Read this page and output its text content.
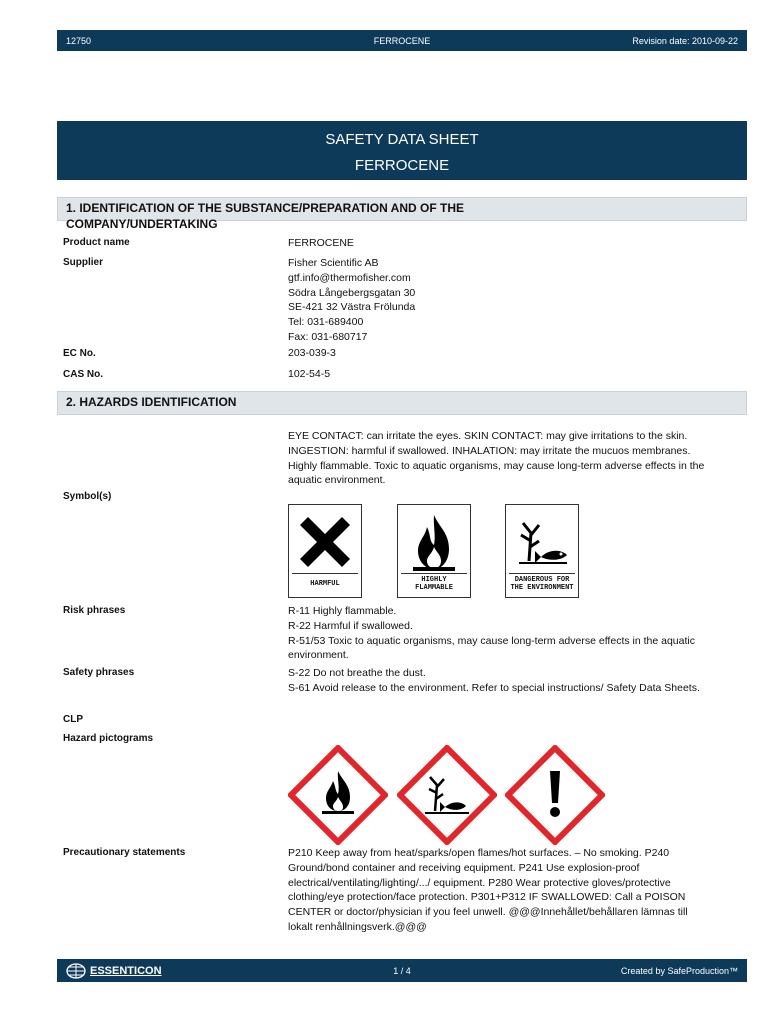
12750	FERROCENE	Revision date: 2010-09-22
SAFETY DATA SHEET
FERROCENE
1. IDENTIFICATION OF THE SUBSTANCE/PREPARATION AND OF THE
COMPANY/UNDERTAKING
Product name	FERROCENE
Supplier	Fisher Scientific AB
gtf.info@thermofisher.com
Södra Långebergsgatan 30
SE-421 32 Västra Frölunda
Tel: 031-689400
Fax: 031-680717
EC No.	203-039-3
CAS No.	102-54-5
2. HAZARDS IDENTIFICATION
EYE CONTACT: can irritate the eyes. SKIN CONTACT: may give irritations to the skin. INGESTION: harmful if swallowed. INHALATION: may irritate the mucuos membranes. Highly flammable. Toxic to aquatic organisms, may cause long-term adverse effects in the aquatic environment.
Symbol(s)
HARMFUL	HIGHLY FLAMMABLE
DANGEROUS FOR THE ENVIRONMENT
Risk phrases	R-11 Highly flammable.
R-22 Harmful if swallowed.
R-51/53 Toxic to aquatic organisms, may cause long-term adverse effects in the aquatic environment.
Safety phrases	S-22 Do not breathe the dust.
S-61 Avoid release to the environment. Refer to special instructions/ Safety Data Sheets.
CLP
Hazard pictograms
Precautionary statements	P210 Keep away from heat/sparks/open flames/hot surfaces. – No smoking. P240 Ground/bond container and receiving equipment. P241 Use explosion-proof electrical/ventilating/lighting/.../ equipment. P280 Wear protective gloves/protective clothing/eye protection/face protection. P301+P312 IF SWALLOWED: Call a POISON CENTER or doctor/physician if you feel unwell. @@@Innehållet/behållaren lämnas till lokalt renhållningsverk.@@@
ESSENTICON	1 / 4	Created by SafeProduction™
